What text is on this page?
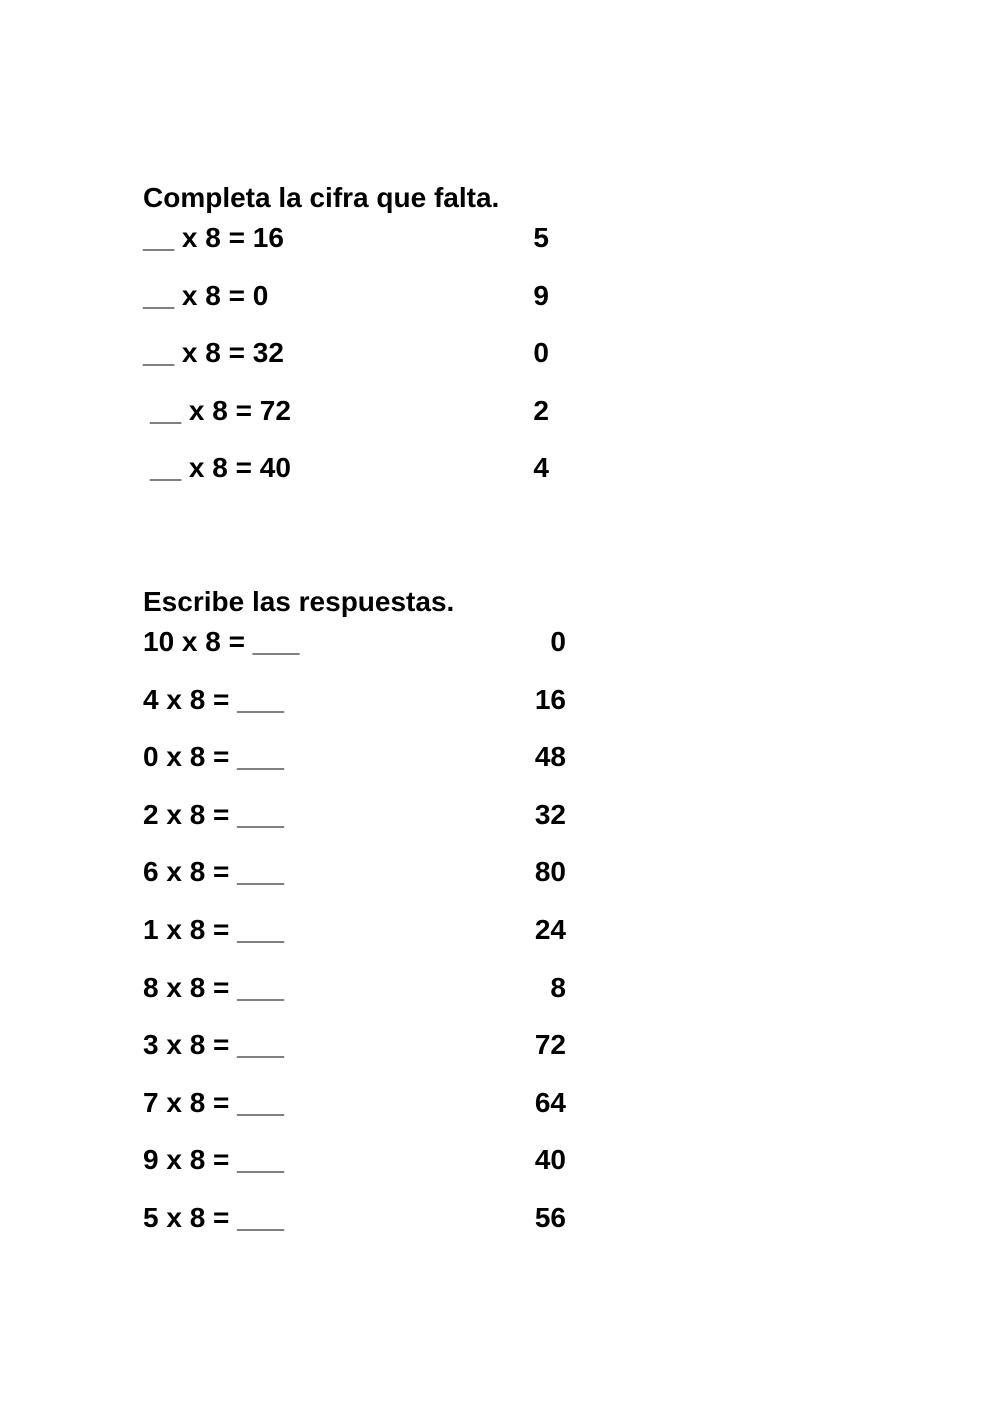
Completa la cifra que falta.
__ x 8 = 16	5
__ x 8 = 0	9
__ x 8 = 32	0
__ x 8 = 72	2
__ x 8 = 40	4
Escribe las respuestas.
10 x 8 = ___	0
4 x 8 = ___	16
0 x 8 = ___	48
2 x 8 = ___	32
6 x 8 = ___	80
1 x 8 = ___	24
8 x 8 = ___	8
3 x 8 = ___	72
7 x 8 = ___	64
9 x 8 = ___	40
5 x 8 = ___	56
